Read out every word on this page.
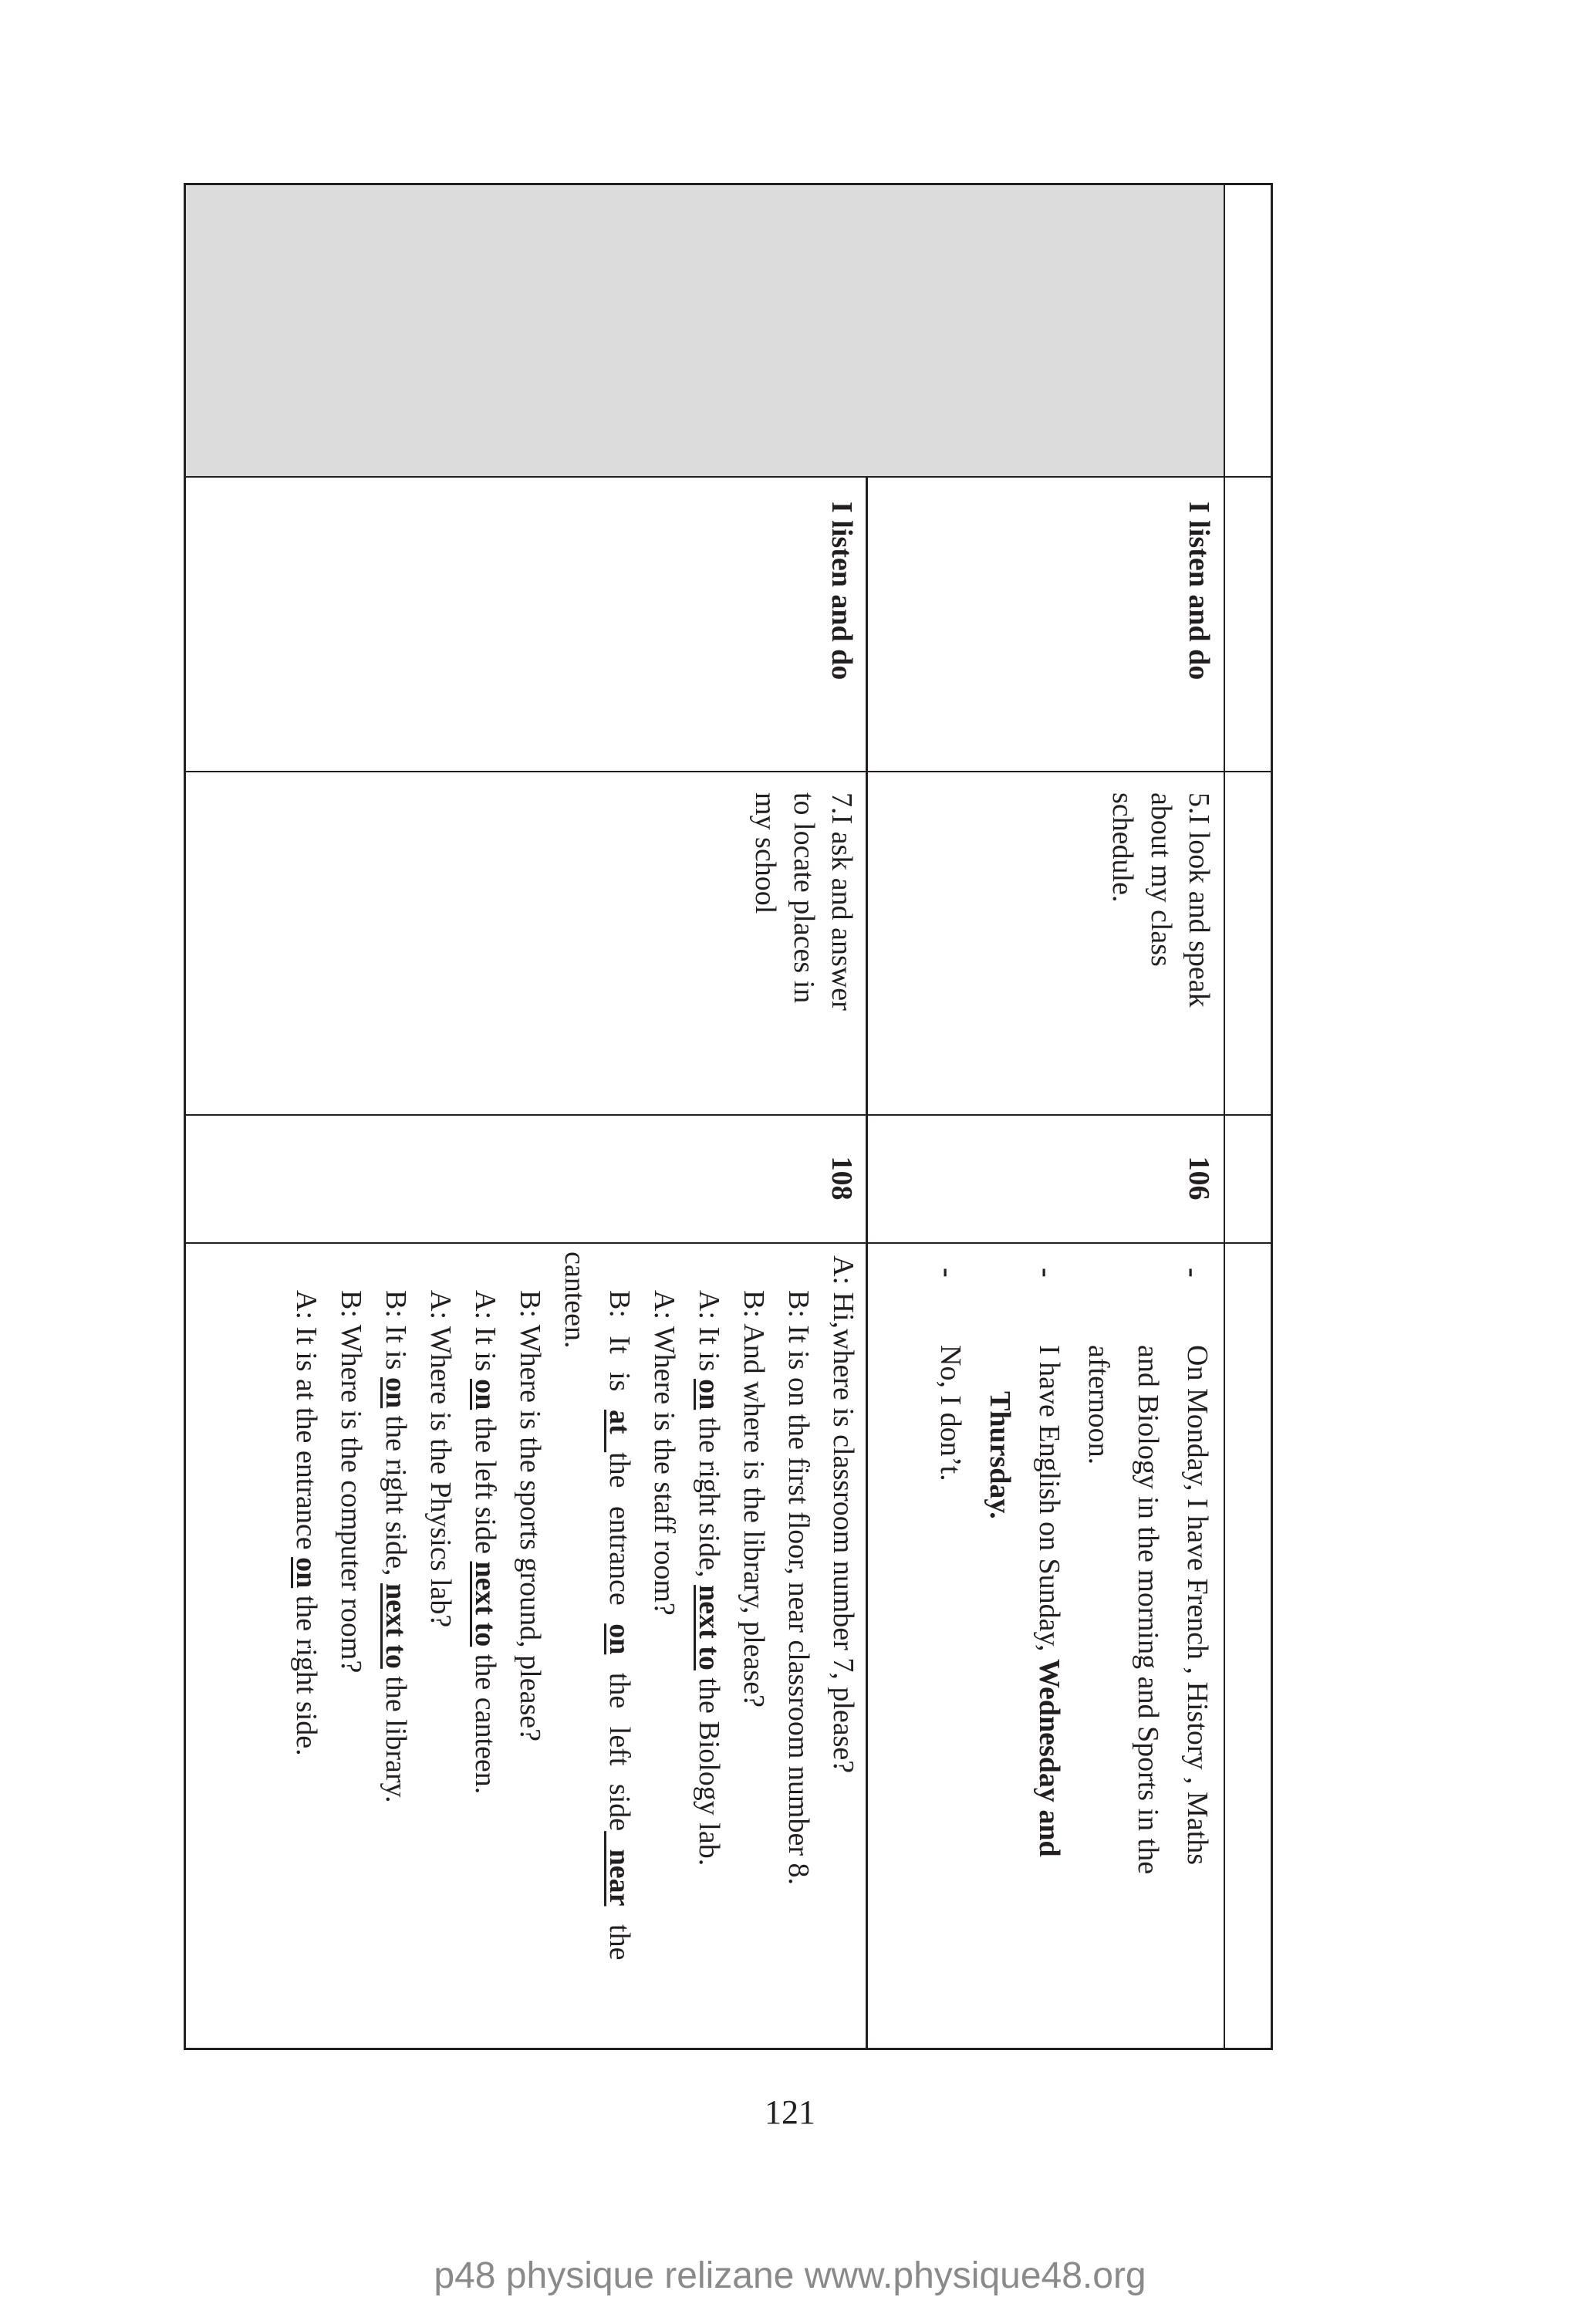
I listen and do
5.I look and speak
about my class
schedule.
106
-
On Monday, I have French , History , Maths
and Biology in the morning and Sports in the
afternoon.
-
I have English on Sunday, Wednesday and
Thursday.
-
No, I don’t.
I listen and do
7.I ask and answer
to locate places in
my school
108
A: Hi,where is classroom number 7, please?
B: It is on the first floor, near classroom number 8.
B: And where is the library, please?
A: It is on the right side, next to the Biology lab.
A: Where is the staff room?
B: It is at the entrance on the left side near the
canteen.
B: Where is the sports ground, please?
A: It is on the left side next to the canteen.
A: Where is the Physics lab?
B: It is on the right side, next to the library.
B: Where is the computer room?
A: It is at the entrance on the right side.
121
p48 physique relizane www.physique48.org
